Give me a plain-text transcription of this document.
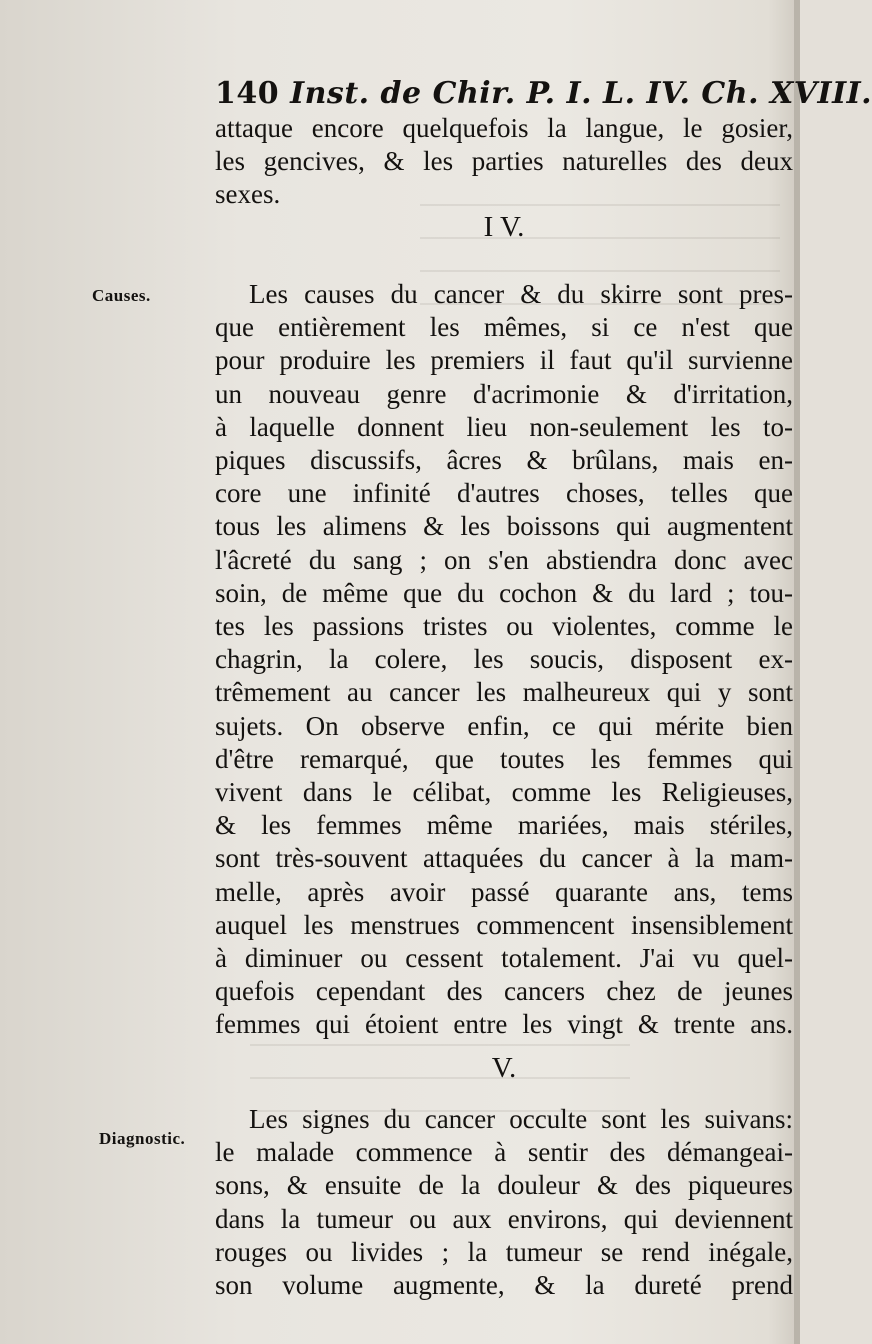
140 Inst. de Chir. P. I. L. IV. Ch. XVIII.
attaque encore quelquefois la langue, le gosier,
les gencives, & les parties naturelles des deux
sexes.
I V.
Causes.	Les causes du cancer & du skirre sont pres-
que entièrement les mêmes, si ce n'est que
pour produire les premiers il faut qu'il survienne
un nouveau genre d'acrimonie & d'irritation,
à laquelle donnent lieu non-seulement les to-
piques discussifs, âcres & brûlans, mais en-
core une infinité d'autres choses, telles que
tous les alimens & les boissons qui augmentent
l'âcreté du sang ; on s'en abstiendra donc avec
soin, de même que du cochon & du lard ; tou-
tes les passions tristes ou violentes, comme le
chagrin, la colere, les soucis, disposent ex-
trêmement au cancer les malheureux qui y sont
sujets. On observe enfin, ce qui mérite bien
d'être remarqué, que toutes les femmes qui
vivent dans le célibat, comme les Religieuses,
& les femmes même mariées, mais stériles,
sont très-souvent attaquées du cancer à la mam-
melle, après avoir passé quarante ans, tems
auquel les menstrues commencent insensiblement
à diminuer ou cessent totalement. J'ai vu quel-
quefois cependant des cancers chez de jeunes
femmes qui étoient entre les vingt & trente ans.
V.
Diagnostic.
Les signes du cancer occulte sont les suivans:
le malade commence à sentir des démangeai-
sons, & ensuite de la douleur & des piqueures
dans la tumeur ou aux environs, qui deviennent
rouges ou livides ; la tumeur se rend inégale,
son volume augmente, & la dureté prend
